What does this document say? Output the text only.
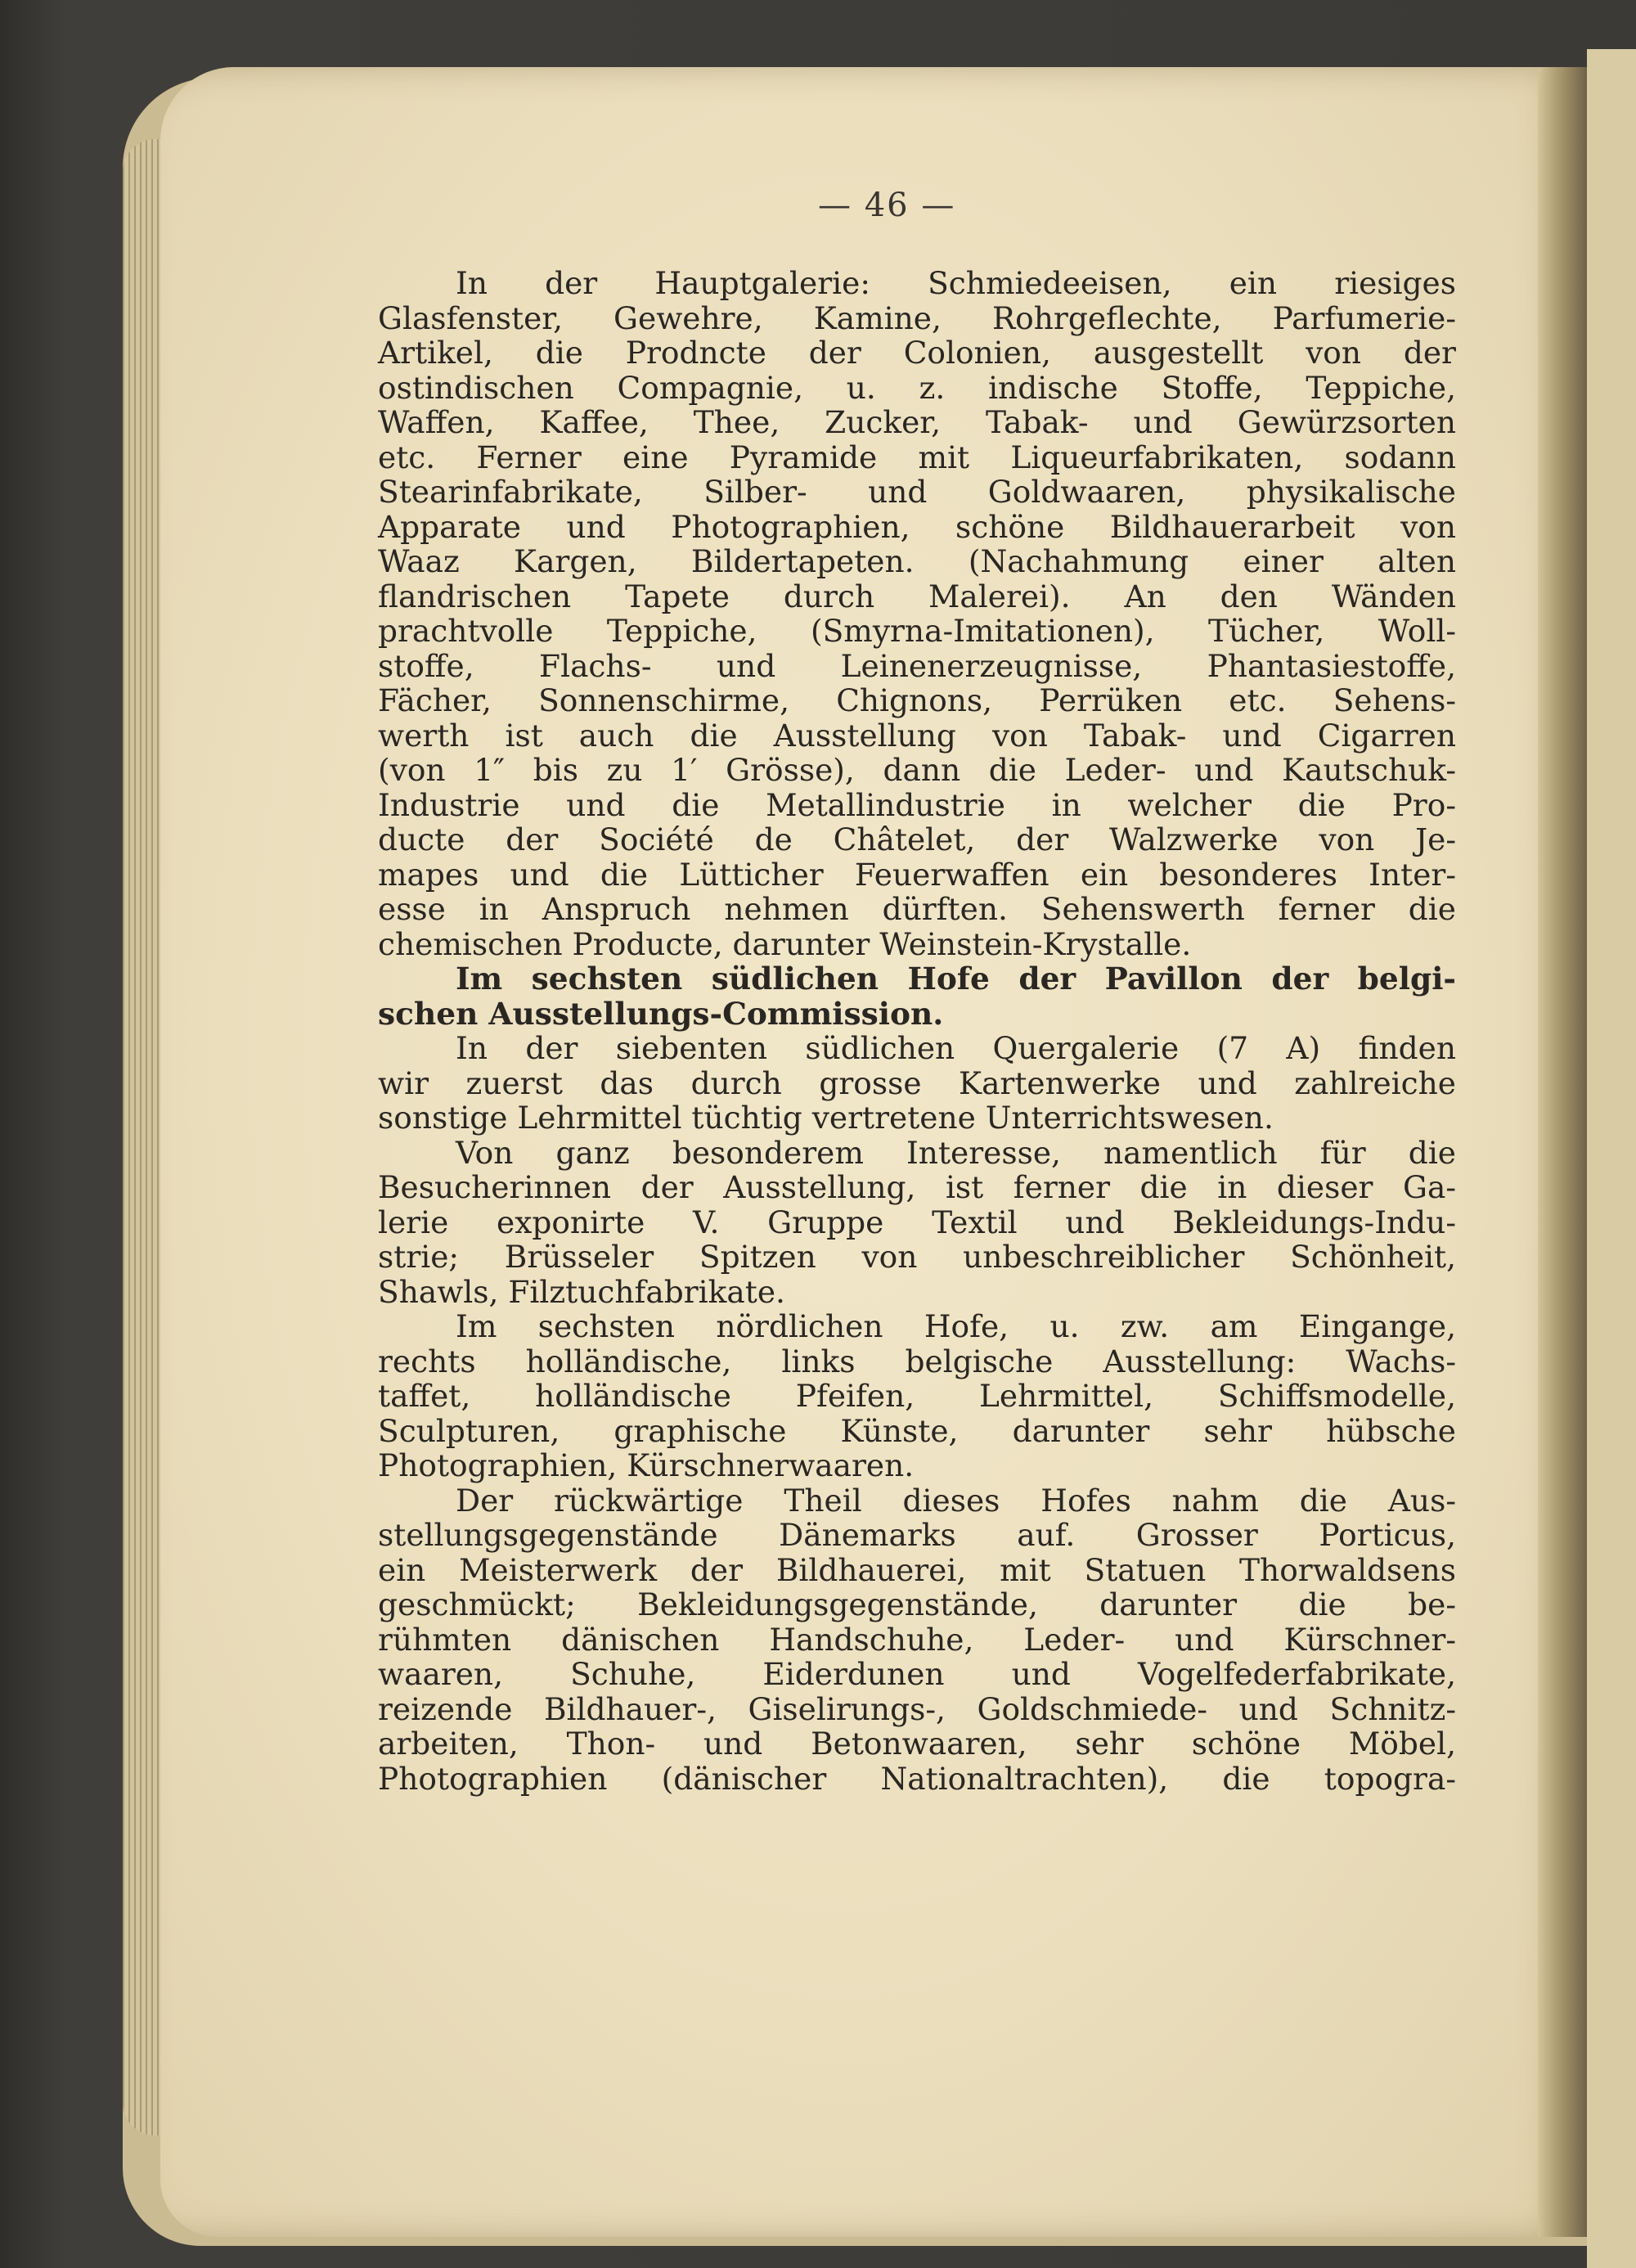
— 46 —

In der Hauptgalerie: Schmiedeeisen, ein riesiges

Glasfenster, Gewehre, Kamine, Rohrgeflechte, Parfumerie-

Artikel, die Prodncte der Colonien, ausgestellt von der

ostindischen Compagnie, u. z. indische Stoffe, Teppiche,

Waffen, Kaffee, Thee, Zucker, Tabak- und Gewürzsorten

etc. Ferner eine Pyramide mit Liqueurfabrikaten, sodann

Stearinfabrikate, Silber- und Goldwaaren, physikalische

Apparate und Photographien, schöne Bildhauerarbeit von

Waaz Kargen, Bildertapeten. (Nachahmung einer alten

flandrischen Tapete durch Malerei). An den Wänden

prachtvolle Teppiche, (Smyrna-Imitationen), Tücher, Woll-

stoffe, Flachs- und Leinenerzeugnisse, Phantasiestoffe,

Fächer, Sonnenschirme, Chignons, Perrüken etc. Sehens-

werth ist auch die Ausstellung von Tabak- und Cigarren

(von 1″ bis zu 1′ Grösse), dann die Leder- und Kautschuk-

Industrie und die Metallindustrie in welcher die Pro-

ducte der Société de Châtelet, der Walzwerke von Je-

mapes und die Lütticher Feuerwaffen ein besonderes Inter-

esse in Anspruch nehmen dürften. Sehenswerth ferner die

chemischen Producte, darunter Weinstein-Krystalle.

Im sechsten südlichen Hofe der Pavillon der belgi-

schen Ausstellungs-Commission.

In der siebenten südlichen Quergalerie (7 A) finden

wir zuerst das durch grosse Kartenwerke und zahlreiche

sonstige Lehrmittel tüchtig vertretene Unterrichtswesen.

Von ganz besonderem Interesse, namentlich für die

Besucherinnen der Ausstellung, ist ferner die in dieser Ga-

lerie exponirte V. Gruppe Textil und Bekleidungs-Indu-

strie; Brüsseler Spitzen von unbeschreiblicher Schönheit,

Shawls, Filztuchfabrikate.

Im sechsten nördlichen Hofe, u. zw. am Eingange,

rechts holländische, links belgische Ausstellung: Wachs-

taffet, holländische Pfeifen, Lehrmittel, Schiffsmodelle,

Sculpturen, graphische Künste, darunter sehr hübsche

Photographien, Kürschnerwaaren.

Der rückwärtige Theil dieses Hofes nahm die Aus-

stellungsgegenstände Dänemarks auf. Grosser Porticus,

ein Meisterwerk der Bildhauerei, mit Statuen Thorwaldsens

geschmückt; Bekleidungsgegenstände, darunter die be-

rühmten dänischen Handschuhe, Leder- und Kürschner-

waaren, Schuhe, Eiderdunen und Vogelfederfabrikate,

reizende Bildhauer-, Giselirungs-, Goldschmiede- und Schnitz-

arbeiten, Thon- und Betonwaaren, sehr schöne Möbel,

Photographien (dänischer Nationaltrachten), die topogra-
